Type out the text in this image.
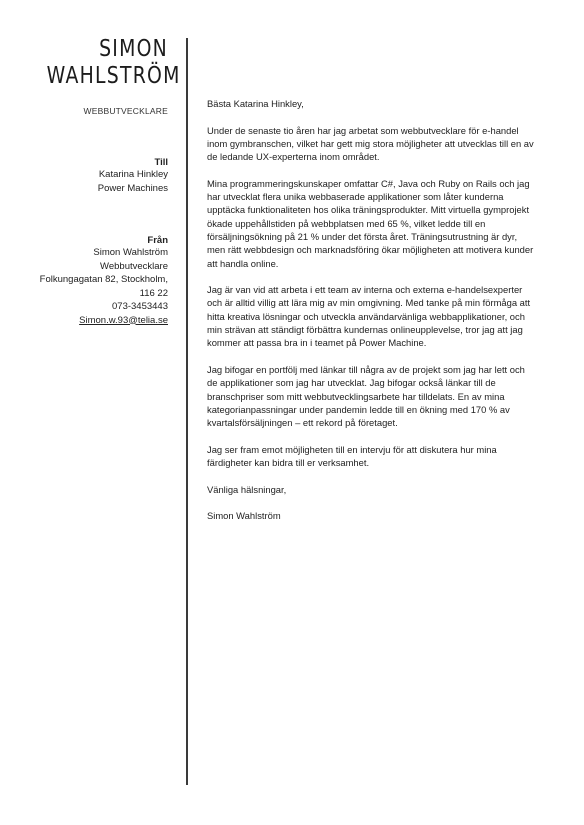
SIMON
WAHLSTRÖM
WEBBUTVECKLARE
Till
Katarina Hinkley
Power Machines
Från
Simon Wahlström
Webbutvecklare
Folkungagatan 82, Stockholm,
116 22
073-3453443
Simon.w.93@telia.se

Bästa Katarina Hinkley,

Under de senaste tio åren har jag arbetat som webbutvecklare för e-handel inom gymbranschen, vilket har gett mig stora möjligheter att utvecklas till en av de ledande UX-experterna inom området.

Mina programmeringskunskaper omfattar C#, Java och Ruby on Rails och jag har utvecklat flera unika webbaserade applikationer som låter kunderna upptäcka funktionaliteten hos olika träningsprodukter. Mitt virtuella gymprojekt ökade uppehållstiden på webbplatsen med 65 %, vilket ledde till en försäljningsökning på 21 % under det första året. Träningsutrustning är dyr, men rätt webbdesign och marknadsföring ökar möjligheten att motivera kunder att handla online.

Jag är van vid att arbeta i ett team av interna och externa e-handelsexperter och är alltid villig att lära mig av min omgivning. Med tanke på min förmåga att hitta kreativa lösningar och utveckla användarvänliga webbapplikationer, och min strävan att ständigt förbättra kundernas onlineupplevelse, tror jag att jag kommer att passa bra in i teamet på Power Machine.

Jag bifogar en portfölj med länkar till några av de projekt som jag har lett och de applikationer som jag har utvecklat. Jag bifogar också länkar till de branschpriser som mitt webbutvecklingsarbete har tilldelats. En av mina kategorianpassningar under pandemin ledde till en ökning med 170 % av kvartalsförsäljningen – ett rekord på företaget.

Jag ser fram emot möjligheten till en intervju för att diskutera hur mina färdigheter kan bidra till er verksamhet.

Vänliga hälsningar,

Simon Wahlström
